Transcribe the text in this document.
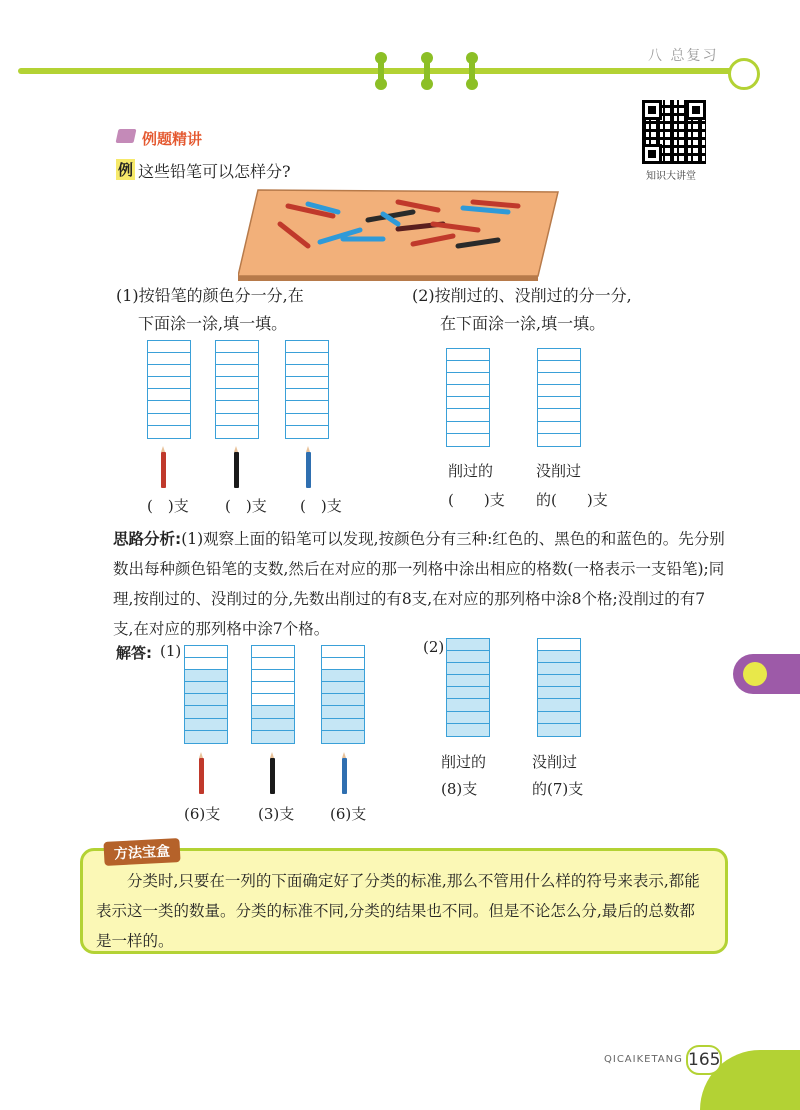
八 总复习
知识大讲堂
例题精讲
例 这些铅笔可以怎样分?
(1)按铅笔的颜色分一分,在
下面涂一涂,填一填。
(2)按削过的、没削过的分一分,
在下面涂一涂,填一填。
(　)支 (　)支 (　)支
削过的
(　　)支
没削过
的(　　)支
思路分析:(1)观察上面的铅笔可以发现,按颜色分有三种:红色的、黑色的和蓝色的。先分别数出每种颜色铅笔的支数,然后在对应的那一列格中涂出相应的格数(一格表示一支铅笔);同理,按削过的、没削过的分,先数出削过的有8支,在对应的那列格中涂8个格;没削过的有7支,在对应的那列格中涂7个格。
解答: (1)	(2)
(6)支	(3)支 (6)支
削过的
(8)支
没削过
的(7)支
方法宝盒
分类时,只要在一列的下面确定好了分类的标准,那么不管用什么样的符号来表示,都能表示这一类的数量。分类的标准不同,分类的结果也不同。但是不论怎么分,最后的总数都是一样的。
QICAIKETANG 165
